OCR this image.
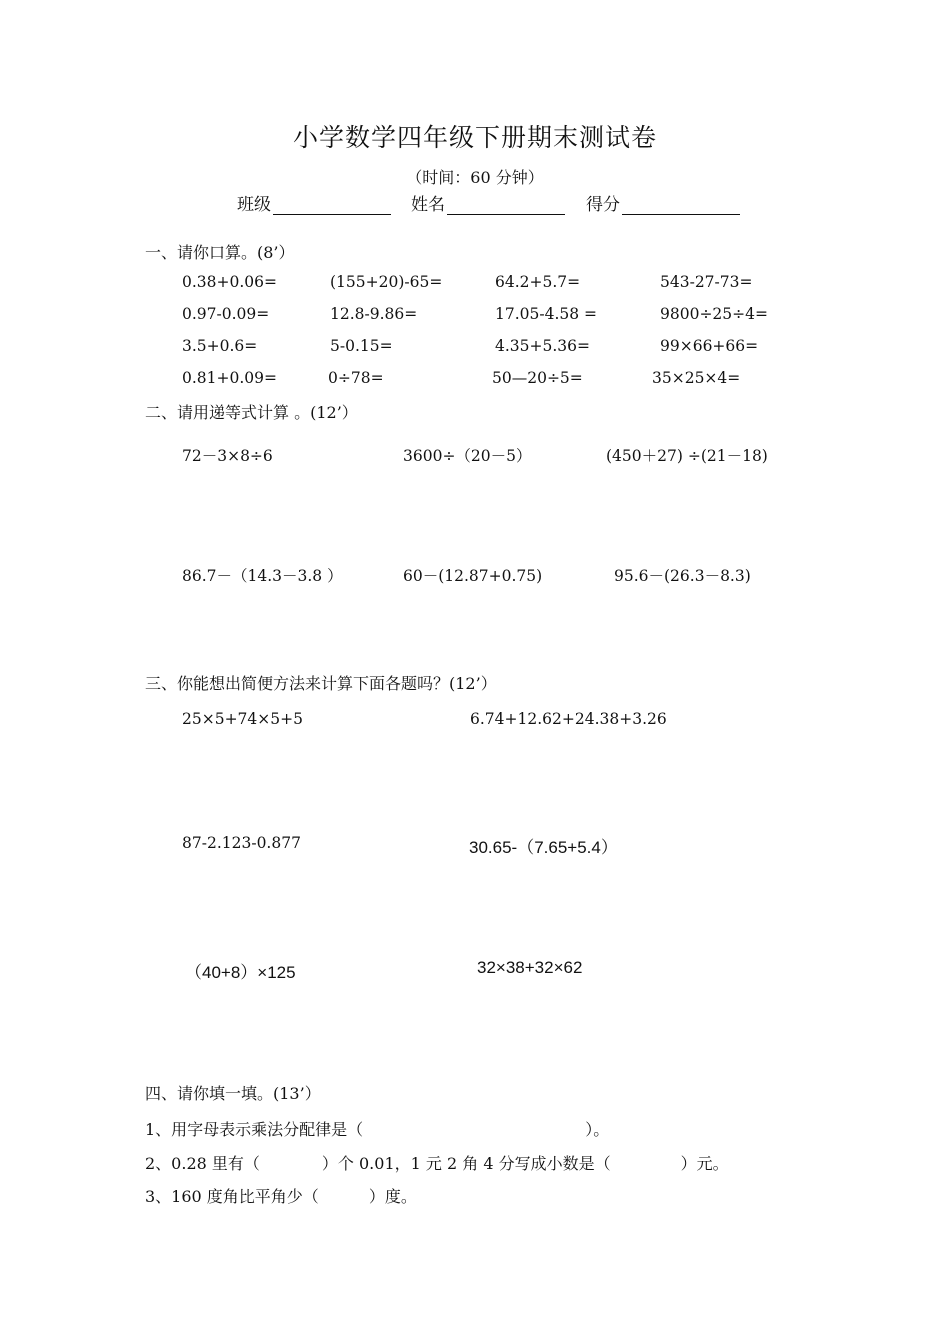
小学数学四年级下册期末测试卷
（时间：60 分钟）
班级	姓名	得分
一、请你口算。(8’）
0.38+0.06=	(155+20)-65=	64.2+5.7=	543-27-73=
0.97-0.09=	12.8-9.86=	17.05-4.58 =	9800÷25÷4=
3.5+0.6=	5-0.15=	4.35+5.36=	99×66+66=
0.81+0.09=	0÷78=	50—20÷5=	35×25×4=
二、请用递等式计算 。(12’）
72－3×8÷6	3600÷（20－5）	(450＋27) ÷(21－18)
86.7－（14.3－3.8 ）	60－(12.87+0.75)	95.6－(26.3－8.3)
三、你能想出简便方法来计算下面各题吗？(12’）
25×5+74×5+5	6.74+12.62+24.38+3.26
87-2.123-0.877	30.65-（7.65+5.4）
（40+8）×125	32×38+32×62
四、请你填一填。(13’）
1、用字母表示乘法分配律是（	）。
2、0.28 里有（	）个 0.01，1 元 2 角 4 分写成小数是（	）元。
3、160 度角比平角少（	）度。
